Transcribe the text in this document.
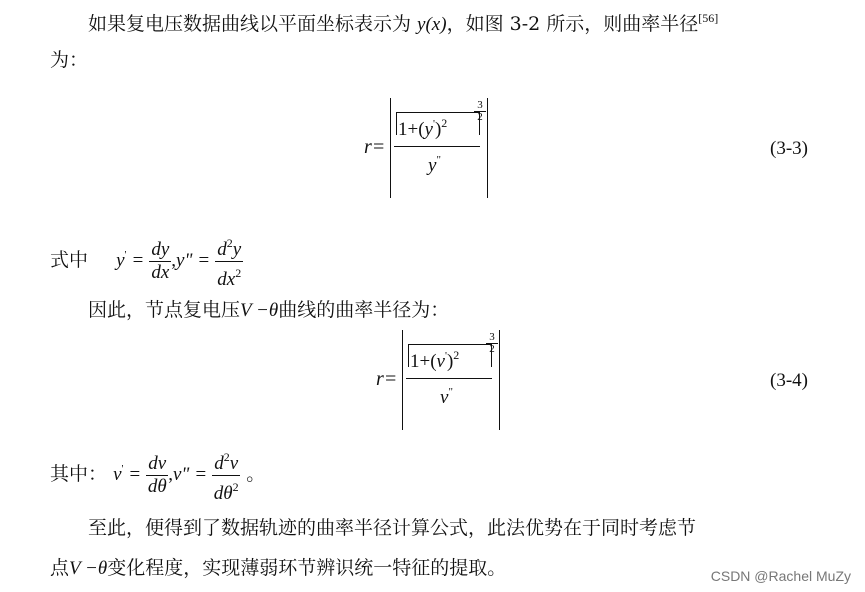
如果复电压数据曲线以平面坐标表示为 y(x)，如图 3-2 所示，则曲率半径[56]
为：
r=
$1+(y')^2$
3
2
y"
(3-3)
式中 $y' = \frac{dy}{dx} ,y$" = $\frac{d^2y}{dx^2}$
因此，节点复电压V −θ曲线的曲率半径为：
r=
$1+(v')^2$
3
2
v"
(3-4)
其中： $v' = \frac{dv}{d\theta} ,v$" = $\frac{d^2v}{d\theta^2}$ 。
至此，便得到了数据轨迹的曲率半径计算公式，此法优势在于同时考虑节
点V −θ变化程度，实现薄弱环节辨识统一特征的提取。	CSDN @Rachel MuZy
